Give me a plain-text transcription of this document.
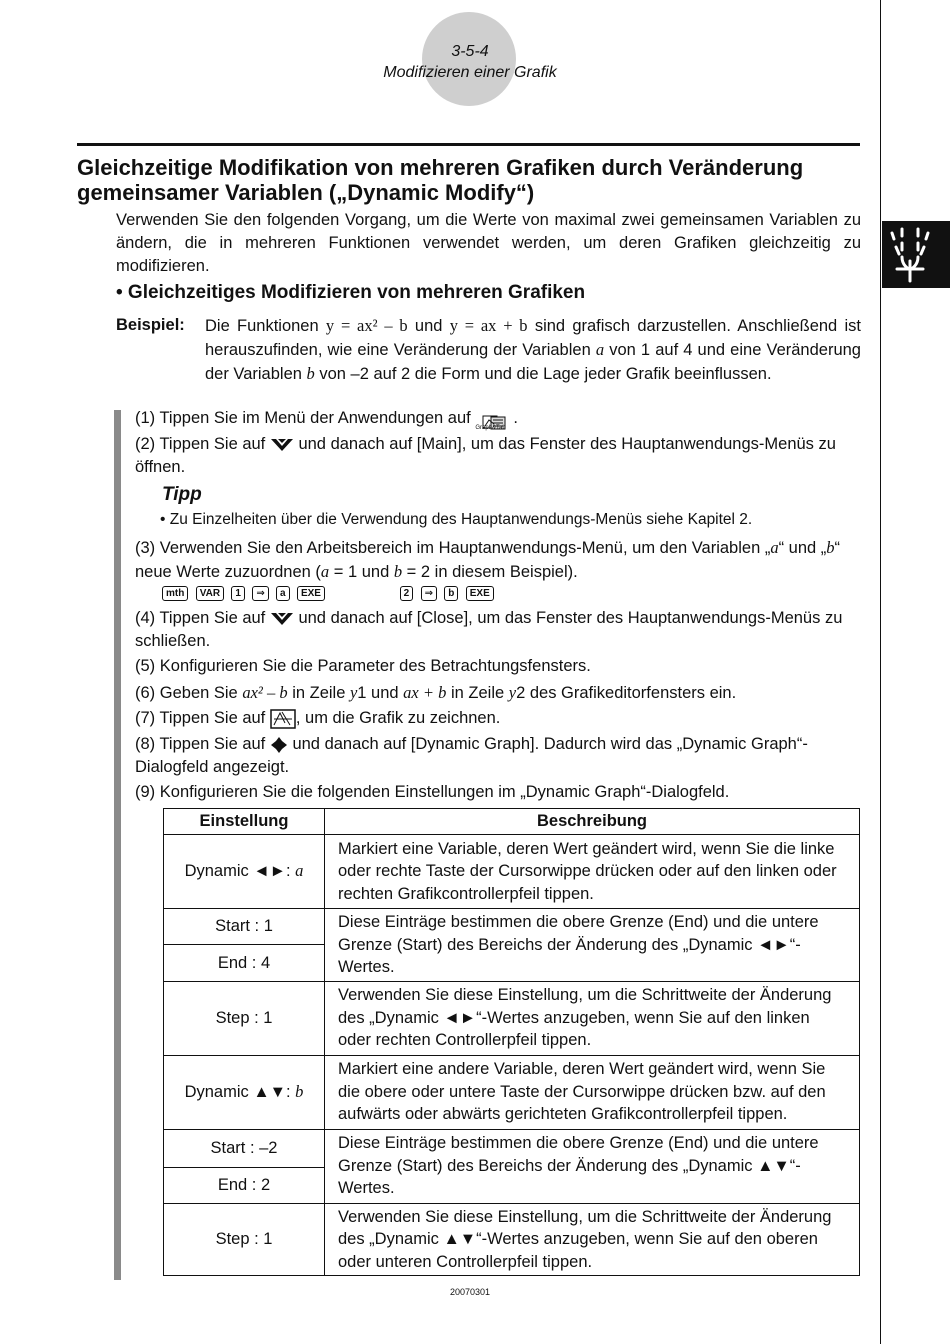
3-5-4
Modifizieren einer Grafik
Gleichzeitige Modifikation von mehreren Grafiken durch Veränderung gemeinsamer Variablen („Dynamic Modify“)
Verwenden Sie den folgenden Vorgang, um die Werte von maximal zwei gemeinsamen Variablen zu ändern, die in mehreren Funktionen verwendet werden, um deren Grafiken gleichzeitig zu modifizieren.
• Gleichzeitiges Modifizieren von mehreren Grafiken
Beispiel: Die Funktionen y = ax² – b und y = ax + b sind grafisch darzustellen. Anschließend ist herauszufinden, wie eine Veränderung der Variablen a von 1 auf 4 und eine Veränderung der Variablen b von –2 auf 2 die Form und die Lage jeder Grafik beeinflussen.
(1) Tippen Sie im Menü der Anwendungen auf
Graph&Tab
.
(2) Tippen Sie auf  und danach auf [Main], um das Fenster des Hauptanwendungs-Menüs zu öffnen.
Tipp
• Zu Einzelheiten über die Verwendung des Hauptanwendungs-Menüs siehe Kapitel 2.
(3) Verwenden Sie den Arbeitsbereich im Hauptanwendungs-Menü, um den Variablen „a“ und „b“ neue Werte zuzuordnen (a = 1 und b = 2 in diesem Beispiel).
mth VAR 1 ⇒ a EXE	2 ⇒ b EXE
(4) Tippen Sie auf  und danach auf [Close], um das Fenster des Hauptanwendungs-Menüs zu schließen.
(5) Konfigurieren Sie die Parameter des Betrachtungsfensters.
(6) Geben Sie ax² – b in Zeile y1 und ax + b in Zeile y2 des Grafikeditorfensters ein.
(7) Tippen Sie auf , um die Grafik zu zeichnen.
(8) Tippen Sie auf  und danach auf [Dynamic Graph]. Dadurch wird das „Dynamic Graph“-Dialogfeld angezeigt.
(9) Konfigurieren Sie die folgenden Einstellungen im „Dynamic Graph“-Dialogfeld.
Einstellung	Beschreibung
Dynamic ◄►: a	Markiert eine Variable, deren Wert geändert wird, wenn Sie die linke oder rechte Taste der Cursorwippe drücken oder auf den linken oder rechten Grafikcontrollerpfeil tippen.
Start : 1	Diese Einträge bestimmen die obere Grenze (End) und die untere Grenze (Start) des Bereichs der Änderung des „Dynamic ◄►“-Wertes.
End : 4	
Step : 1	Verwenden Sie diese Einstellung, um die Schrittweite der Änderung des „Dynamic ◄►“-Wertes anzugeben, wenn Sie auf den linken oder rechten Controllerpfeil tippen.
Dynamic ▲▼: b	Markiert eine andere Variable, deren Wert geändert wird, wenn Sie die obere oder untere Taste der Cursorwippe drücken bzw. auf den aufwärts oder abwärts gerichteten Grafikcontrollerpfeil tippen.
Start : –2	Diese Einträge bestimmen die obere Grenze (End) und die untere Grenze (Start) des Bereichs der Änderung des „Dynamic ▲▼“-Wertes.
End : 2	
Step : 1	Verwenden Sie diese Einstellung, um die Schrittweite der Änderung des „Dynamic ▲▼“-Wertes anzugeben, wenn Sie auf den oberen oder unteren Controllerpfeil tippen.
20070301
